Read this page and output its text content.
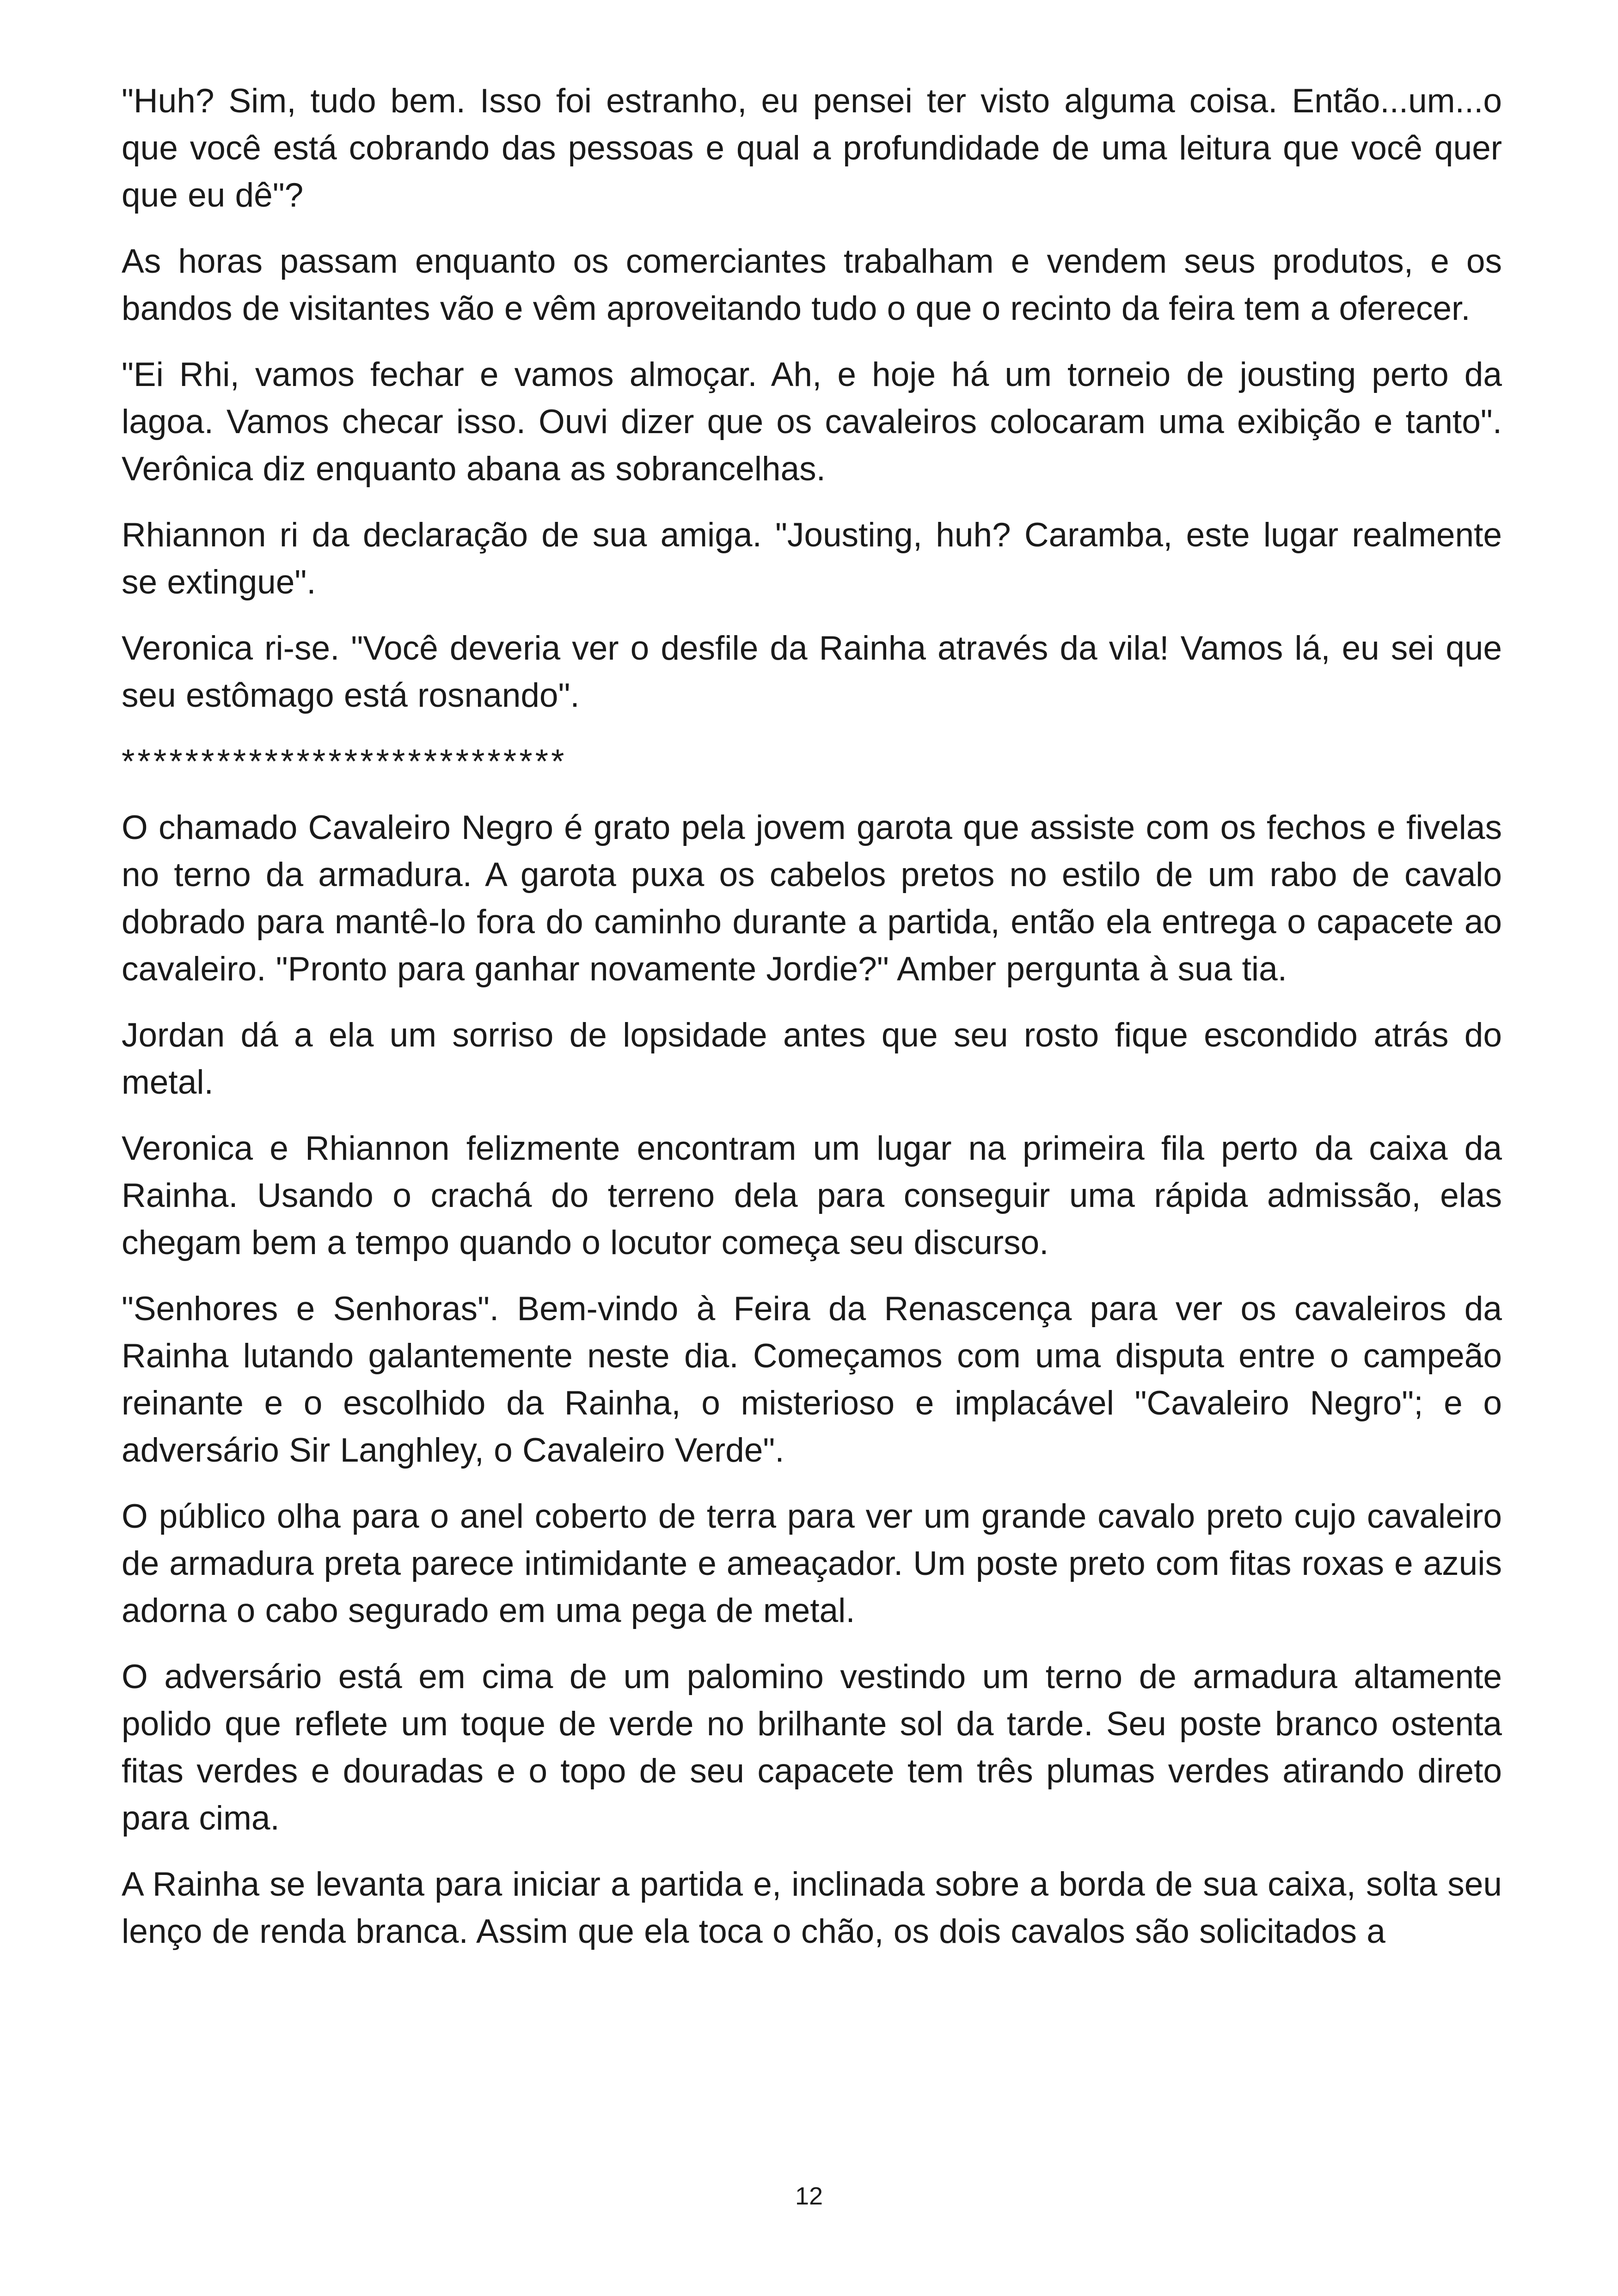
"Huh? Sim, tudo bem. Isso foi estranho, eu pensei ter visto alguma coisa. Então...um...o que você está cobrando das pessoas e qual a profundidade de uma leitura que você quer que eu dê"?

As horas passam enquanto os comerciantes trabalham e vendem seus produtos, e os bandos de visitantes vão e vêm aproveitando tudo o que o recinto da feira tem a oferecer.

"Ei Rhi, vamos fechar e vamos almoçar. Ah, e hoje há um torneio de jousting perto da lagoa. Vamos checar isso. Ouvi dizer que os cavaleiros colocaram uma exibição e tanto". Verônica diz enquanto abana as sobrancelhas.

Rhiannon ri da declaração de sua amiga. "Jousting, huh? Caramba, este lugar realmente se extingue".

Veronica ri-se. "Você deveria ver o desfile da Rainha através da vila! Vamos lá, eu sei que seu estômago está rosnando".

****************************

O chamado Cavaleiro Negro é grato pela jovem garota que assiste com os fechos e fivelas no terno da armadura. A garota puxa os cabelos pretos no estilo de um rabo de cavalo dobrado para mantê-lo fora do caminho durante a partida, então ela entrega o capacete ao cavaleiro. "Pronto para ganhar novamente Jordie?" Amber pergunta à sua tia.

Jordan dá a ela um sorriso de lopsidade antes que seu rosto fique escondido atrás do metal.

Veronica e Rhiannon felizmente encontram um lugar na primeira fila perto da caixa da Rainha. Usando o crachá do terreno dela para conseguir uma rápida admissão, elas chegam bem a tempo quando o locutor começa seu discurso.

"Senhores e Senhoras". Bem-vindo à Feira da Renascença para ver os cavaleiros da Rainha lutando galantemente neste dia. Começamos com uma disputa entre o campeão reinante e o escolhido da Rainha, o misterioso e implacável "Cavaleiro Negro"; e o adversário Sir Langhley, o Cavaleiro Verde".

O público olha para o anel coberto de terra para ver um grande cavalo preto cujo cavaleiro de armadura preta parece intimidante e ameaçador. Um poste preto com fitas roxas e azuis adorna o cabo segurado em uma pega de metal.

O adversário está em cima de um palomino vestindo um terno de armadura altamente polido que reflete um toque de verde no brilhante sol da tarde. Seu poste branco ostenta fitas verdes e douradas e o topo de seu capacete tem três plumas verdes atirando direto para cima.

A Rainha se levanta para iniciar a partida e, inclinada sobre a borda de sua caixa, solta seu lenço de renda branca. Assim que ela toca o chão, os dois cavalos são solicitados a

12
